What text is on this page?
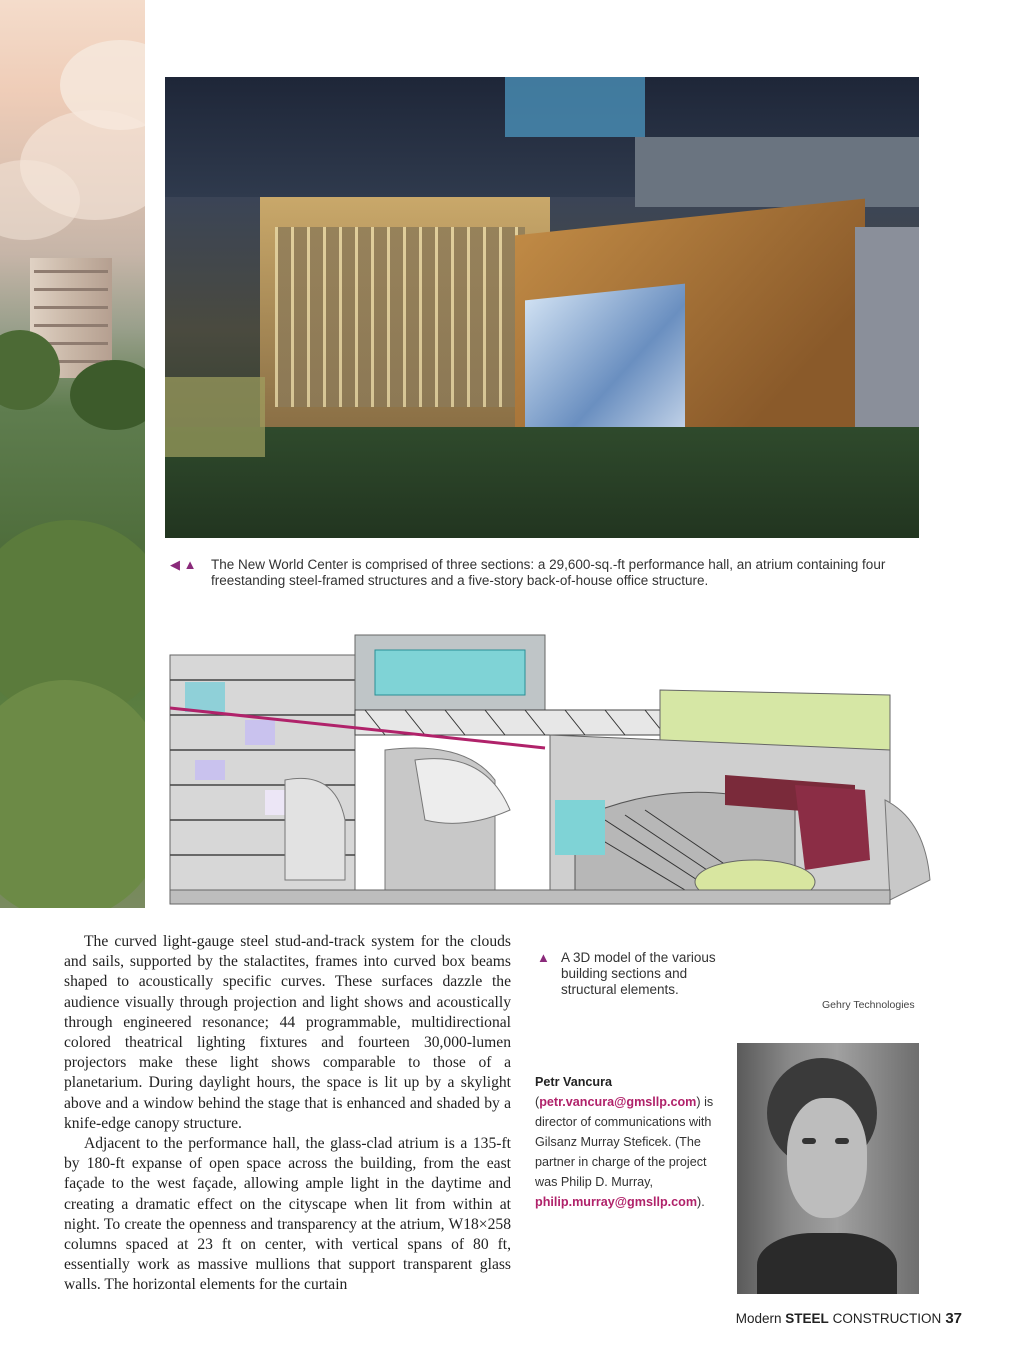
◀ ▲ The New World Center is comprised of three sections: a 29,600-sq.-ft performance hall, an atrium containing four freestanding steel-framed structures and a five-story back-of-house office structure.
▲ A 3D model of the various building sections and structural elements.
Gehry Technologies

The curved light-gauge steel stud-and-track system for the clouds and sails, supported by the stalactites, frames into curved box beams shaped to acoustically specific curves. These surfaces dazzle the audience visually through projection and light shows and acoustically through engineered resonance; 44 programmable, multidirectional colored theatrical lighting fixtures and fourteen 30,000-lumen projectors make these light shows comparable to those of a planetarium. During daylight hours, the space is lit up by a skylight above and a window behind the stage that is enhanced and shaded by a knife-edge canopy structure.

Adjacent to the performance hall, the glass-clad atrium is a 135-ft by 180-ft expanse of open space across the building, from the east façade to the west façade, allowing ample light in the daytime and creating a dramatic effect on the cityscape when lit from within at night. To create the openness and transparency at the atrium, W18×258 columns spaced at 23 ft on center, with vertical spans of 80 ft, essentially work as massive mullions that support transparent glass walls. The horizontal elements for the curtain

Petr Vancura (petr.vancura@gmsllp.com) is director of communications with Gilsanz Murray Steficek. (The partner in charge of the project was Philip D. Murray, philip.murray@gmsllp.com).
Modern STEEL CONSTRUCTION 37
